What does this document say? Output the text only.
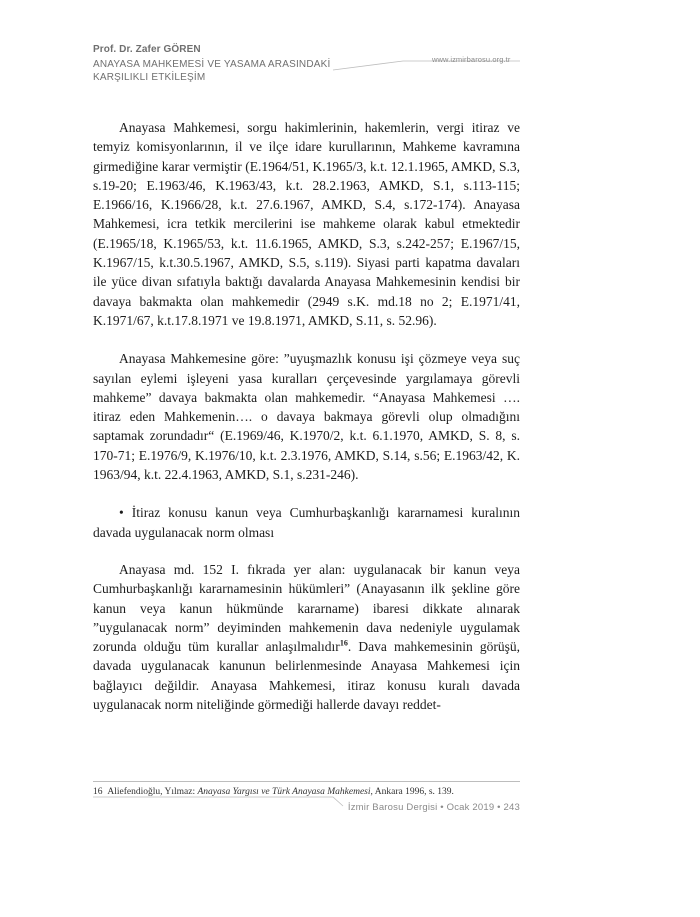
Prof. Dr. Zafer GÖREN
ANAYASA MAHKEMESİ VE YASAMA ARASINDAKİ
KARŞILIKLI ETKİLEŞİM
www.izmirbarosu.org.tr

Anayasa Mahkemesi, sorgu hakimlerinin, hakemlerin, vergi itiraz ve temyiz komisyonlarının, il ve ilçe idare kurullarının, Mahkeme kavramına girmediğine karar vermiştir (E.1964/51, K.1965/3, k.t. 12.1.1965, AMKD, S.3, s.19-20; E.1963/46, K.1963/43, k.t. 28.2.1963, AMKD, S.1, s.113-115; E.1966/16, K.1966/28, k.t. 27.6.1967, AMKD, S.4, s.172-174). Anayasa Mahkemesi, icra tetkik mercilerini ise mahkeme olarak kabul etmektedir (E.1965/18, K.1965/53, k.t. 11.6.1965, AMKD, S.3, s.242-257; E.1967/15, K.1967/15, k.t.30.5.1967, AMKD, S.5, s.119). Siyasi parti kapatma davaları ile yüce divan sıfatıyla baktığı davalarda Anayasa Mahkemesinin kendisi bir davaya bakmakta olan mahkemedir (2949 s.K. md.18 no 2; E.1971/41, K.1971/67, k.t.17.8.1971 ve 19.8.1971, AMKD, S.11, s. 52.96).

Anayasa Mahkemesine göre: ”uyuşmazlık konusu işi çözmeye veya suç sayılan eylemi işleyeni yasa kuralları çerçevesinde yargılamaya görevli mahkeme” davaya bakmakta olan mahkemedir. “Anayasa Mahkemesi …. itiraz eden Mahkemenin…. o davaya bakmaya görevli olup olmadığını saptamak zorundadır“ (E.1969/46, K.1970/2, k.t. 6.1.1970, AMKD, S. 8, s. 170-71; E.1976/9, K.1976/10, k.t. 2.3.1976, AMKD, S.14, s.56; E.1963/42, K. 1963/94, k.t. 22.4.1963, AMKD, S.1, s.231-246).

• İtiraz konusu kanun veya Cumhurbaşkanlığı kararnamesi kuralının davada uygulanacak norm olması

Anayasa md. 152 I. fıkrada yer alan: uygulanacak bir kanun veya Cumhurbaşkanlığı kararnamesinin hükümleri” (Anayasanın ilk şekline göre kanun veya kanun hükmünde kararname) ibaresi dikkate alınarak ”uygulanacak norm” deyiminden mahkemenin dava nedeniyle uygulamak zorunda olduğu tüm kurallar anlaşılmalıdır$^{16}$. Dava mahkemesinin görüşü, davada uygulanacak kanunun belirlenmesinde Anayasa Mahkemesi için bağlayıcı değildir. Anayasa Mahkemesi, itiraz konusu kuralı davada uygulanacak norm niteliğinde görmediği hallerde davayı reddet-

16 Aliefendioğlu, Yılmaz: Anayasa Yargısı ve Türk Anayasa Mahkemesi, Ankara 1996, s. 139.
İzmir Barosu Dergisi • Ocak 2019 • 243
